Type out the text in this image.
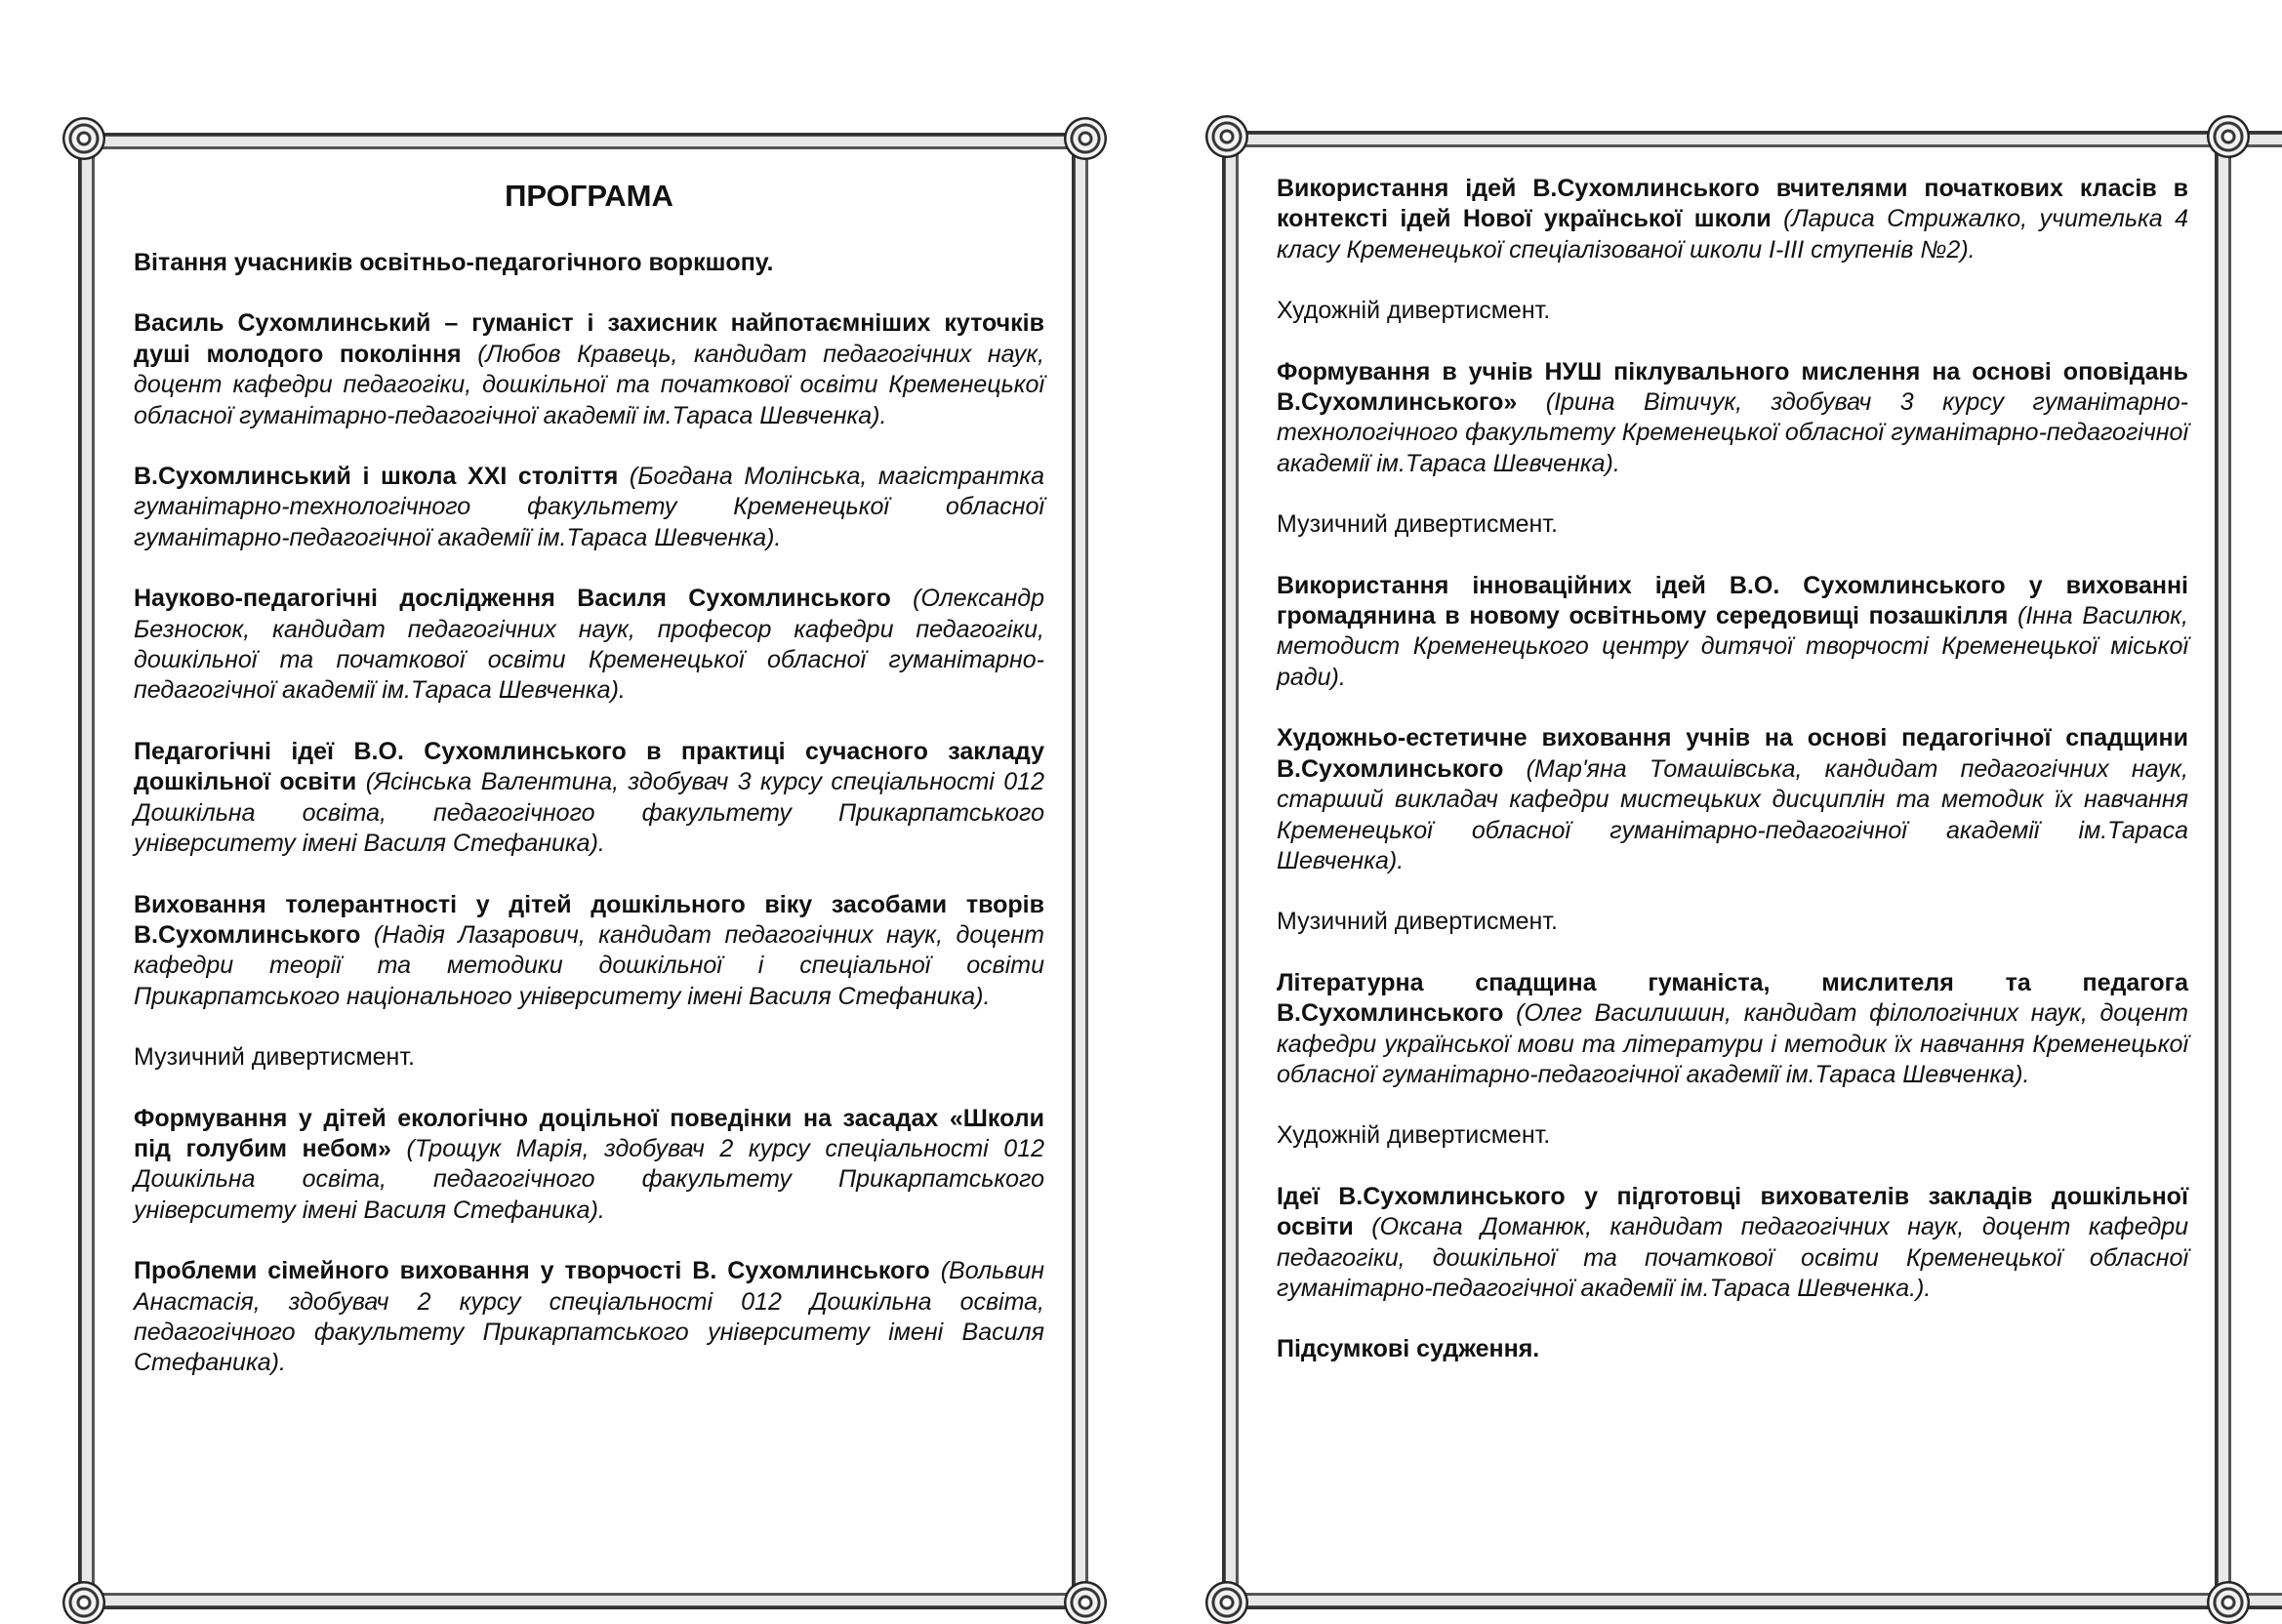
ПРОГРАМА
Вітання учасників освітньо-педагогічного воркшопу.
Василь Сухомлинський – гуманіст і захисник найпотаємніших куточків душі молодого покоління (Любов Кравець, кандидат педагогічних наук, доцент кафедри педагогіки, дошкільної та початкової освіти Кременецької обласної гуманітарно-педагогічної академії ім.Тараса Шевченка).
В.Сухомлинський і школа ХХІ століття (Богдана Молінська, магістрантка гуманітарно-технологічного факультету Кременецької обласної гуманітарно-педагогічної академії ім.Тараса Шевченка).
Науково-педагогічні дослідження Василя Сухомлинського (Олександр Безносюк, кандидат педагогічних наук, професор кафедри педагогіки, дошкільної та початкової освіти Кременецької обласної гуманітарно-педагогічної академії ім.Тараса Шевченка).
Педагогічні ідеї В.О. Сухомлинського в практиці сучасного закладу дошкільної освіти (Ясінська Валентина, здобувач 3 курсу спеціальності 012 Дошкільна освіта, педагогічного факультету Прикарпатського університету імені Василя Стефаника).
Виховання толерантності у дітей дошкільного віку засобами творів В.Сухомлинського (Надія Лазарович, кандидат педагогічних наук, доцент кафедри теорії та методики дошкільної і спеціальної освіти Прикарпатського національного університету імені Василя Стефаника).
Музичний дивертисмент.
Формування у дітей екологічно доцільної поведінки на засадах «Школи під голубим небом» (Трощук Марія, здобувач 2 курсу спеціальності 012 Дошкільна освіта, педагогічного факультету Прикарпатського університету імені Василя Стефаника).
Проблеми сімейного виховання у творчості В. Сухомлинського (Вольвин Анастасія, здобувач 2 курсу спеціальності 012 Дошкільна освіта, педагогічного факультету Прикарпатського університету імені Василя Стефаника).
Використання ідей В.Сухомлинського вчителями початкових класів в контексті ідей Нової української школи (Лариса Стрижалко, учителька 4 класу Кременецької спеціалізованої школи І-ІІІ ступенів №2).
Художній дивертисмент.
Формування в учнів НУШ піклувального мислення на основі оповідань В.Сухомлинського» (Ірина Вітичук, здобувач 3 курсу гуманітарно-технологічного факультету Кременецької обласної гуманітарно-педагогічної академії ім.Тараса Шевченка).
Музичний дивертисмент.
Використання інноваційних ідей В.О. Сухомлинського у вихованні громадянина в новому освітньому середовищі позашкілля (Інна Василюк, методист Кременецького центру дитячої творчості Кременецької міської ради).
Художньо-естетичне виховання учнів на основі педагогічної спадщини В.Сухомлинського (Мар'яна Томашівська, кандидат педагогічних наук, старший викладач кафедри мистецьких дисциплін та методик їх навчання Кременецької обласної гуманітарно-педагогічної академії ім.Тараса Шевченка).
Музичний дивертисмент.
Літературна спадщина гуманіста, мислителя та педагога В.Сухомлинського (Олег Василишин, кандидат філологічних наук, доцент кафедри української мови та літератури і методик їх навчання Кременецької обласної гуманітарно-педагогічної академії ім.Тараса Шевченка).
Художній дивертисмент.
Ідеї В.Сухомлинського у підготовці вихователів закладів дошкільної освіти (Оксана Доманюк, кандидат педагогічних наук, доцент кафедри педагогіки, дошкільної та початкової освіти Кременецької обласної гуманітарно-педагогічної академії ім.Тараса Шевченка.).
Підсумкові судження.
